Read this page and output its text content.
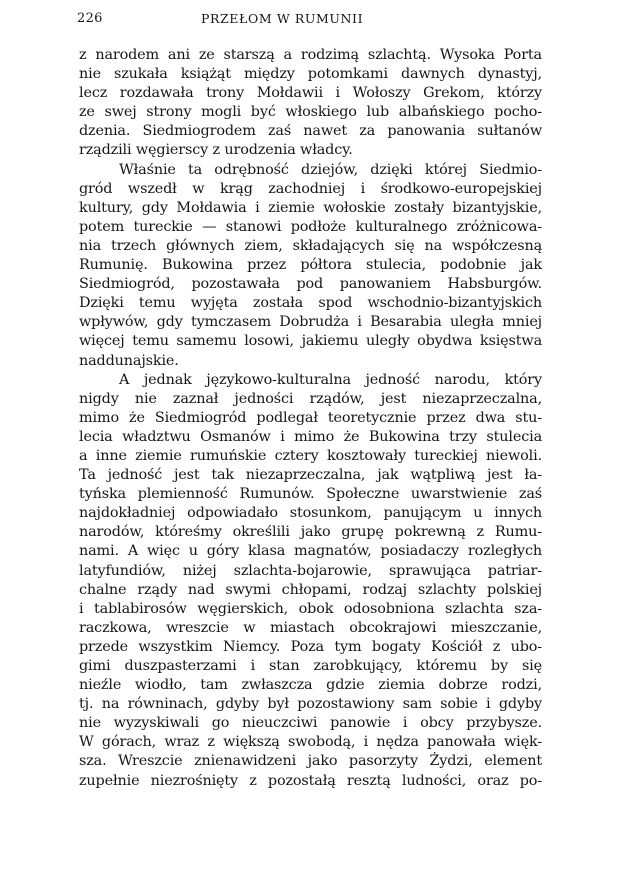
226	PRZEŁOM W RUMUNII
z narodem ani ze starszą a rodzimą szlachtą. Wysoka Porta
nie szukała książąt między potomkami dawnych dynastyj,
lecz rozdawała trony Mołdawii i Wołoszy Grekom, którzy
ze swej strony mogli być włoskiego lub albańskiego pocho-
dzenia. Siedmiogrodem zaś nawet za panowania sułtanów
rządzili węgierscy z urodzenia władcy.
Właśnie ta odrębność dziejów, dzięki której Siedmio-
gród wszedł w krąg zachodniej i środkowo-europejskiej
kultury, gdy Mołdawia i ziemie wołoskie zostały bizantyjskie,
potem tureckie — stanowi podłoże kulturalnego zróżnicowa-
nia trzech głównych ziem, składających się na współczesną
Rumunię. Bukowina przez półtora stulecia, podobnie jak
Siedmiogród, pozostawała pod panowaniem Habsburgów.
Dzięki temu wyjęta została spod wschodnio-bizantyjskich
wpływów, gdy tymczasem Dobrudża i Besarabia uległa mniej
więcej temu samemu losowi, jakiemu uległy obydwa księstwa
naddunajskie.
A jednak językowo-kulturalna jedność narodu, który
nigdy nie zaznał jedności rządów, jest niezaprzeczalna,
mimo że Siedmiogród podlegał teoretycznie przez dwa stu-
lecia władztwu Osmanów i mimo że Bukowina trzy stulecia
a inne ziemie rumuńskie cztery kosztowały tureckiej niewoli.
Ta jedność jest tak niezaprzeczalna, jak wątpliwą jest ła-
tyńska plemienność Rumunów. Społeczne uwarstwienie zaś
najdokładniej odpowiadało stosunkom, panującym u innych
narodów, któreśmy określili jako grupę pokrewną z Rumu-
nami. A więc u góry klasa magnatów, posiadaczy rozległych
latyfundiów, niżej szlachta-bojarowie, sprawująca patriar-
chalne rządy nad swymi chłopami, rodzaj szlachty polskiej
i tablabirosów węgierskich, obok odosobniona szlachta sza-
raczkowa, wreszcie w miastach obcokrajowi mieszczanie,
przede wszystkim Niemcy. Poza tym bogaty Kościół z ubo-
gimi duszpasterzami i stan zarobkujący, któremu by się
nieźle wiodło, tam zwłaszcza gdzie ziemia dobrze rodzi,
tj. na równinach, gdyby był pozostawiony sam sobie i gdyby
nie wyzyskiwali go nieuczciwi panowie i obcy przybysze.
W górach, wraz z większą swobodą, i nędza panowała więk-
sza. Wreszcie znienawidzeni jako pasorzyty Żydzi, element
zupełnie niezrośnięty z pozostałą resztą ludności, oraz po-
